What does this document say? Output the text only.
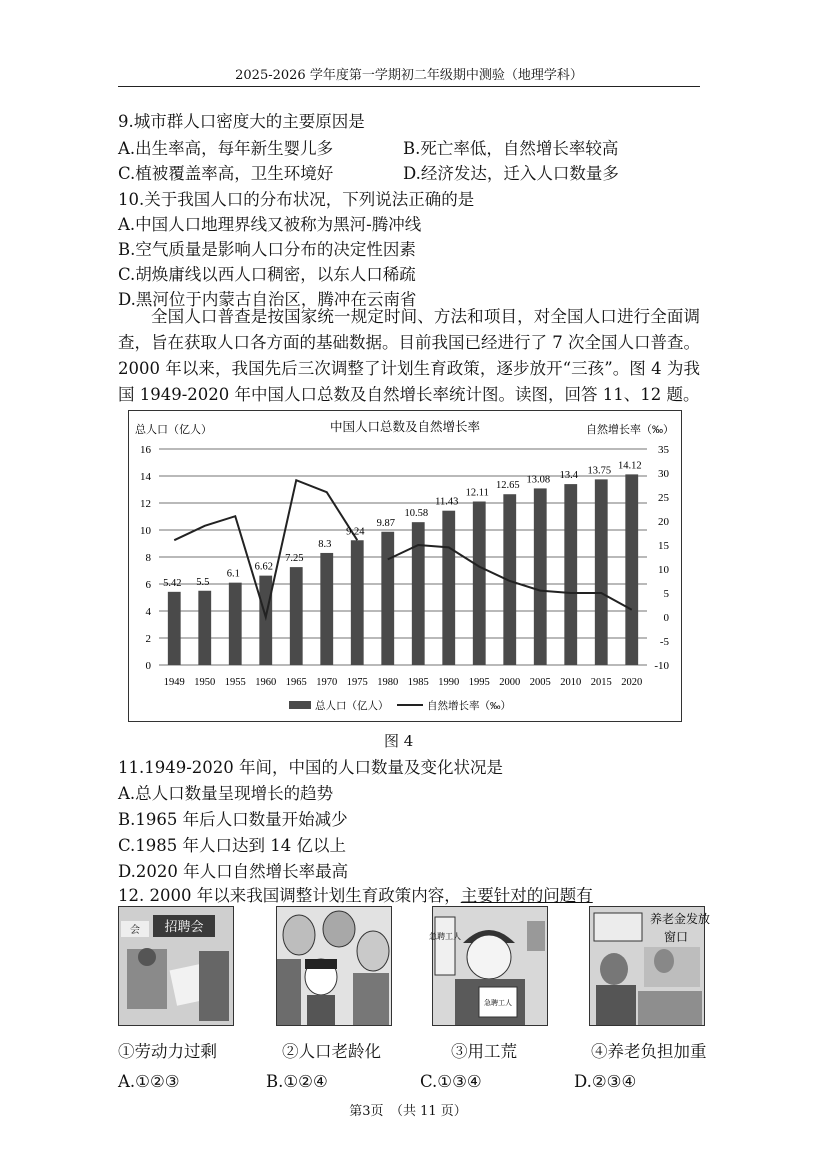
2025-2026 学年度第一学期初二年级期中测验（地理学科）
9.城市群人口密度大的主要原因是
A.出生率高，每年新生婴儿多	B.死亡率低，自然增长率较高
C.植被覆盖率高，卫生环境好	D.经济发达，迁入人口数量多
10.关于我国人口的分布状况，下列说法正确的是
A.中国人口地理界线又被称为黑河-腾冲线
B.空气质量是影响人口分布的决定性因素
C.胡焕庸线以西人口稠密，以东人口稀疏
D.黑河位于内蒙古自治区，腾冲在云南省
全国人口普查是按国家统一规定时间、方法和项目，对全国人口进行全面调查，旨在获取人口各方面的基础数据。目前我国已经进行了 7 次全国人口普查。2000 年以来，我国先后三次调整了计划生育政策，逐步放开“三孩”。图 4 为我国 1949-2020 年中国人口总数及自然增长率统计图。读图，回答 11、12 题。
中国人口总数及自然增长率
总人口（亿人）	自然增长率（‰）
5.42 5.5
6.1
6.62
7.25
8.3
9.24
9.87
10.58
11.43
12.11
12.65
13.08 13.4 13.75 14.12
0
2
4
6
8
10
12
14
16
-10
-5
0
5
10
15
20
25
30
35
1949 1950 1955 1960 1965 1970 1975 1980 1985 1990 1995 2000 2005 2010 2015 2020
总人口（亿人）	自然增长率（‰）
图 4
11.1949-2020 年间，中国的人口数量及变化状况是
A.总人口数量呈现增长的趋势
B.1965 年后人口数量开始减少
C.1985 年人口达到 14 亿以上
D.2020 年人口自然增长率最高
12. 2000 年以来我国调整计划生育政策内容，主要针对的问题有
招聘会
会
急聘工人
急聘工人
养老金发放
窗口
①劳动力过剩	②人口老龄化	③用工荒	④养老负担加重
A.①②③	B.①②④	C.①③④	D.②③④
第3页　（共 11 页）
